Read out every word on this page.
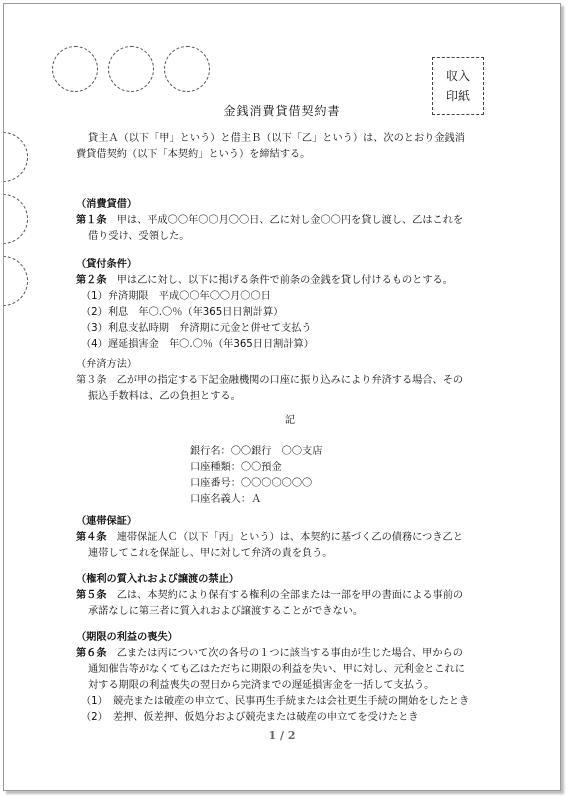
収入
印紙
金銭消費貸借契約書

貸主Ａ（以下「甲」という）と借主Ｂ（以下「乙」という）は、次のとおり金銭消

費貸借契約（以下「本契約」という）を締結する。

（消費貸借）

第１条　 甲は、平成〇〇年〇〇月〇〇日、乙に対し金〇〇円を貸し渡し、乙はこれを

借り受け、受領した。

（貸付条件）

第２条　 甲は乙に対し、以下に掲げる条件で前条の金銭を貸し付けるものとする。

（1）弁済期限　平成〇〇年〇〇月〇〇日

（2）利息　年〇.〇％（年365日日割計算）

（3）利息支払時期　弁済期に元金と併せて支払う

（4）遅延損害金　年〇.〇％（年365日日割計算）

（弁済方法）

第３条　 乙が甲の指定する下記金融機関の口座に振り込みにより弁済する場合、その

振込手数料は、乙の負担とする。

記

銀行名：〇〇銀行　〇〇支店

口座種類：〇〇預金

口座番号：〇〇〇〇〇〇〇

口座名義人：Ａ

（連帯保証）

第４条　 連帯保証人Ｃ（以下「丙」という）は、本契約に基づく乙の債務につき乙と

連帯してこれを保証し、甲に対して弁済の責を負う。

（権利の質入れおよび譲渡の禁止）

第５条　 乙は、本契約により保有する権利の全部または一部を甲の書面による事前の

承諾なしに第三者に質入れおよび譲渡することができない。

（期限の利益の喪失）

第６条　 乙または丙について次の各号の１つに該当する事由が生じた場合、甲からの

通知催告等がなくても乙はただちに期限の利益を失い、甲に対し、元利金とこれに

対する期限の利益喪失の翌日から完済までの遅延損害金を一括して支払う。

（1）　競売または破産の申立て、民事再生手続または会社更生手続の開始をしたとき

（2）　差押、仮差押、仮処分および競売または破産の申立てを受けたとき

1 / 2
